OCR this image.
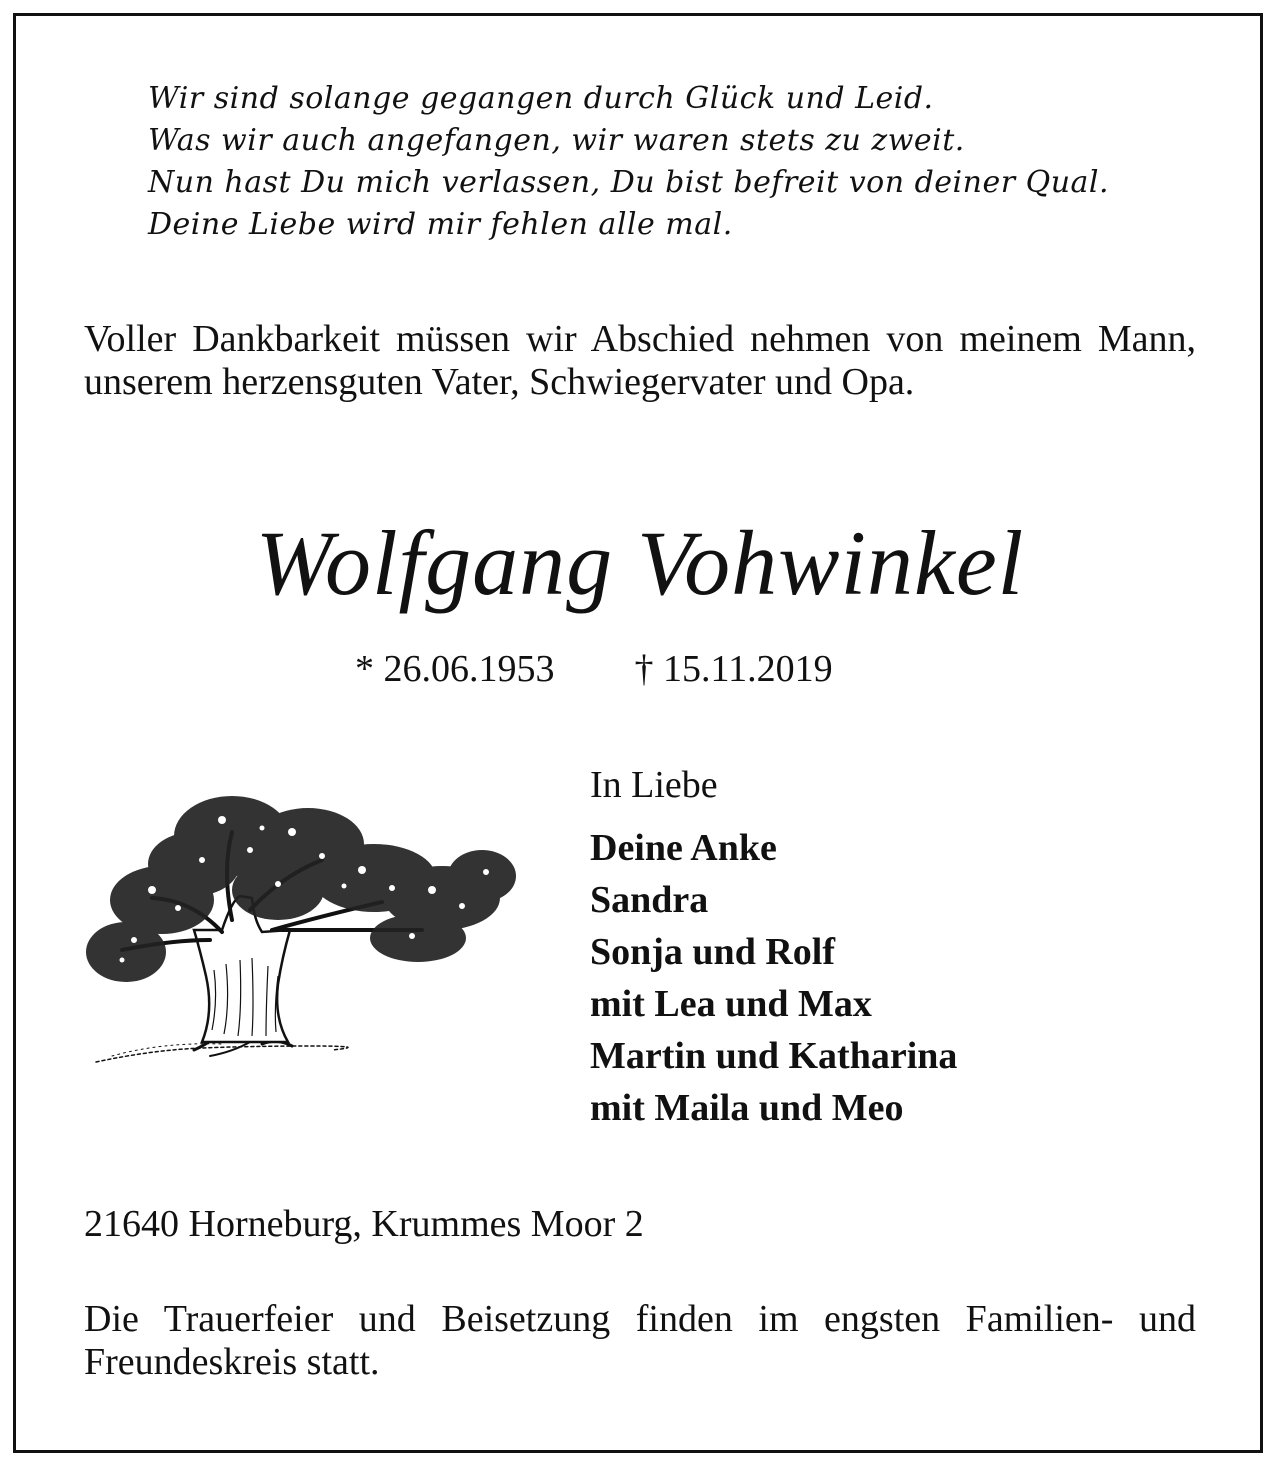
Wir sind solange gegangen durch Glück und Leid.
Was wir auch angefangen, wir waren stets zu zweit.
Nun hast Du mich verlassen, Du bist befreit von deiner Qual.
Deine Liebe wird mir fehlen alle mal.
Voller Dankbarkeit müssen wir Abschied nehmen von meinem Mann, unserem herzensguten Vater, Schwiegervater und Opa.
Wolfgang Vohwinkel
* 26.06.1953 † 15.11.2019
In Liebe
Deine Anke
Sandra
Sonja und Rolf
mit Lea und Max
Martin und Katharina
mit Maila und Meo
21640 Horneburg, Krummes Moor 2
Die Trauerfeier und Beisetzung finden im engsten Familien- und Freundeskreis statt.
